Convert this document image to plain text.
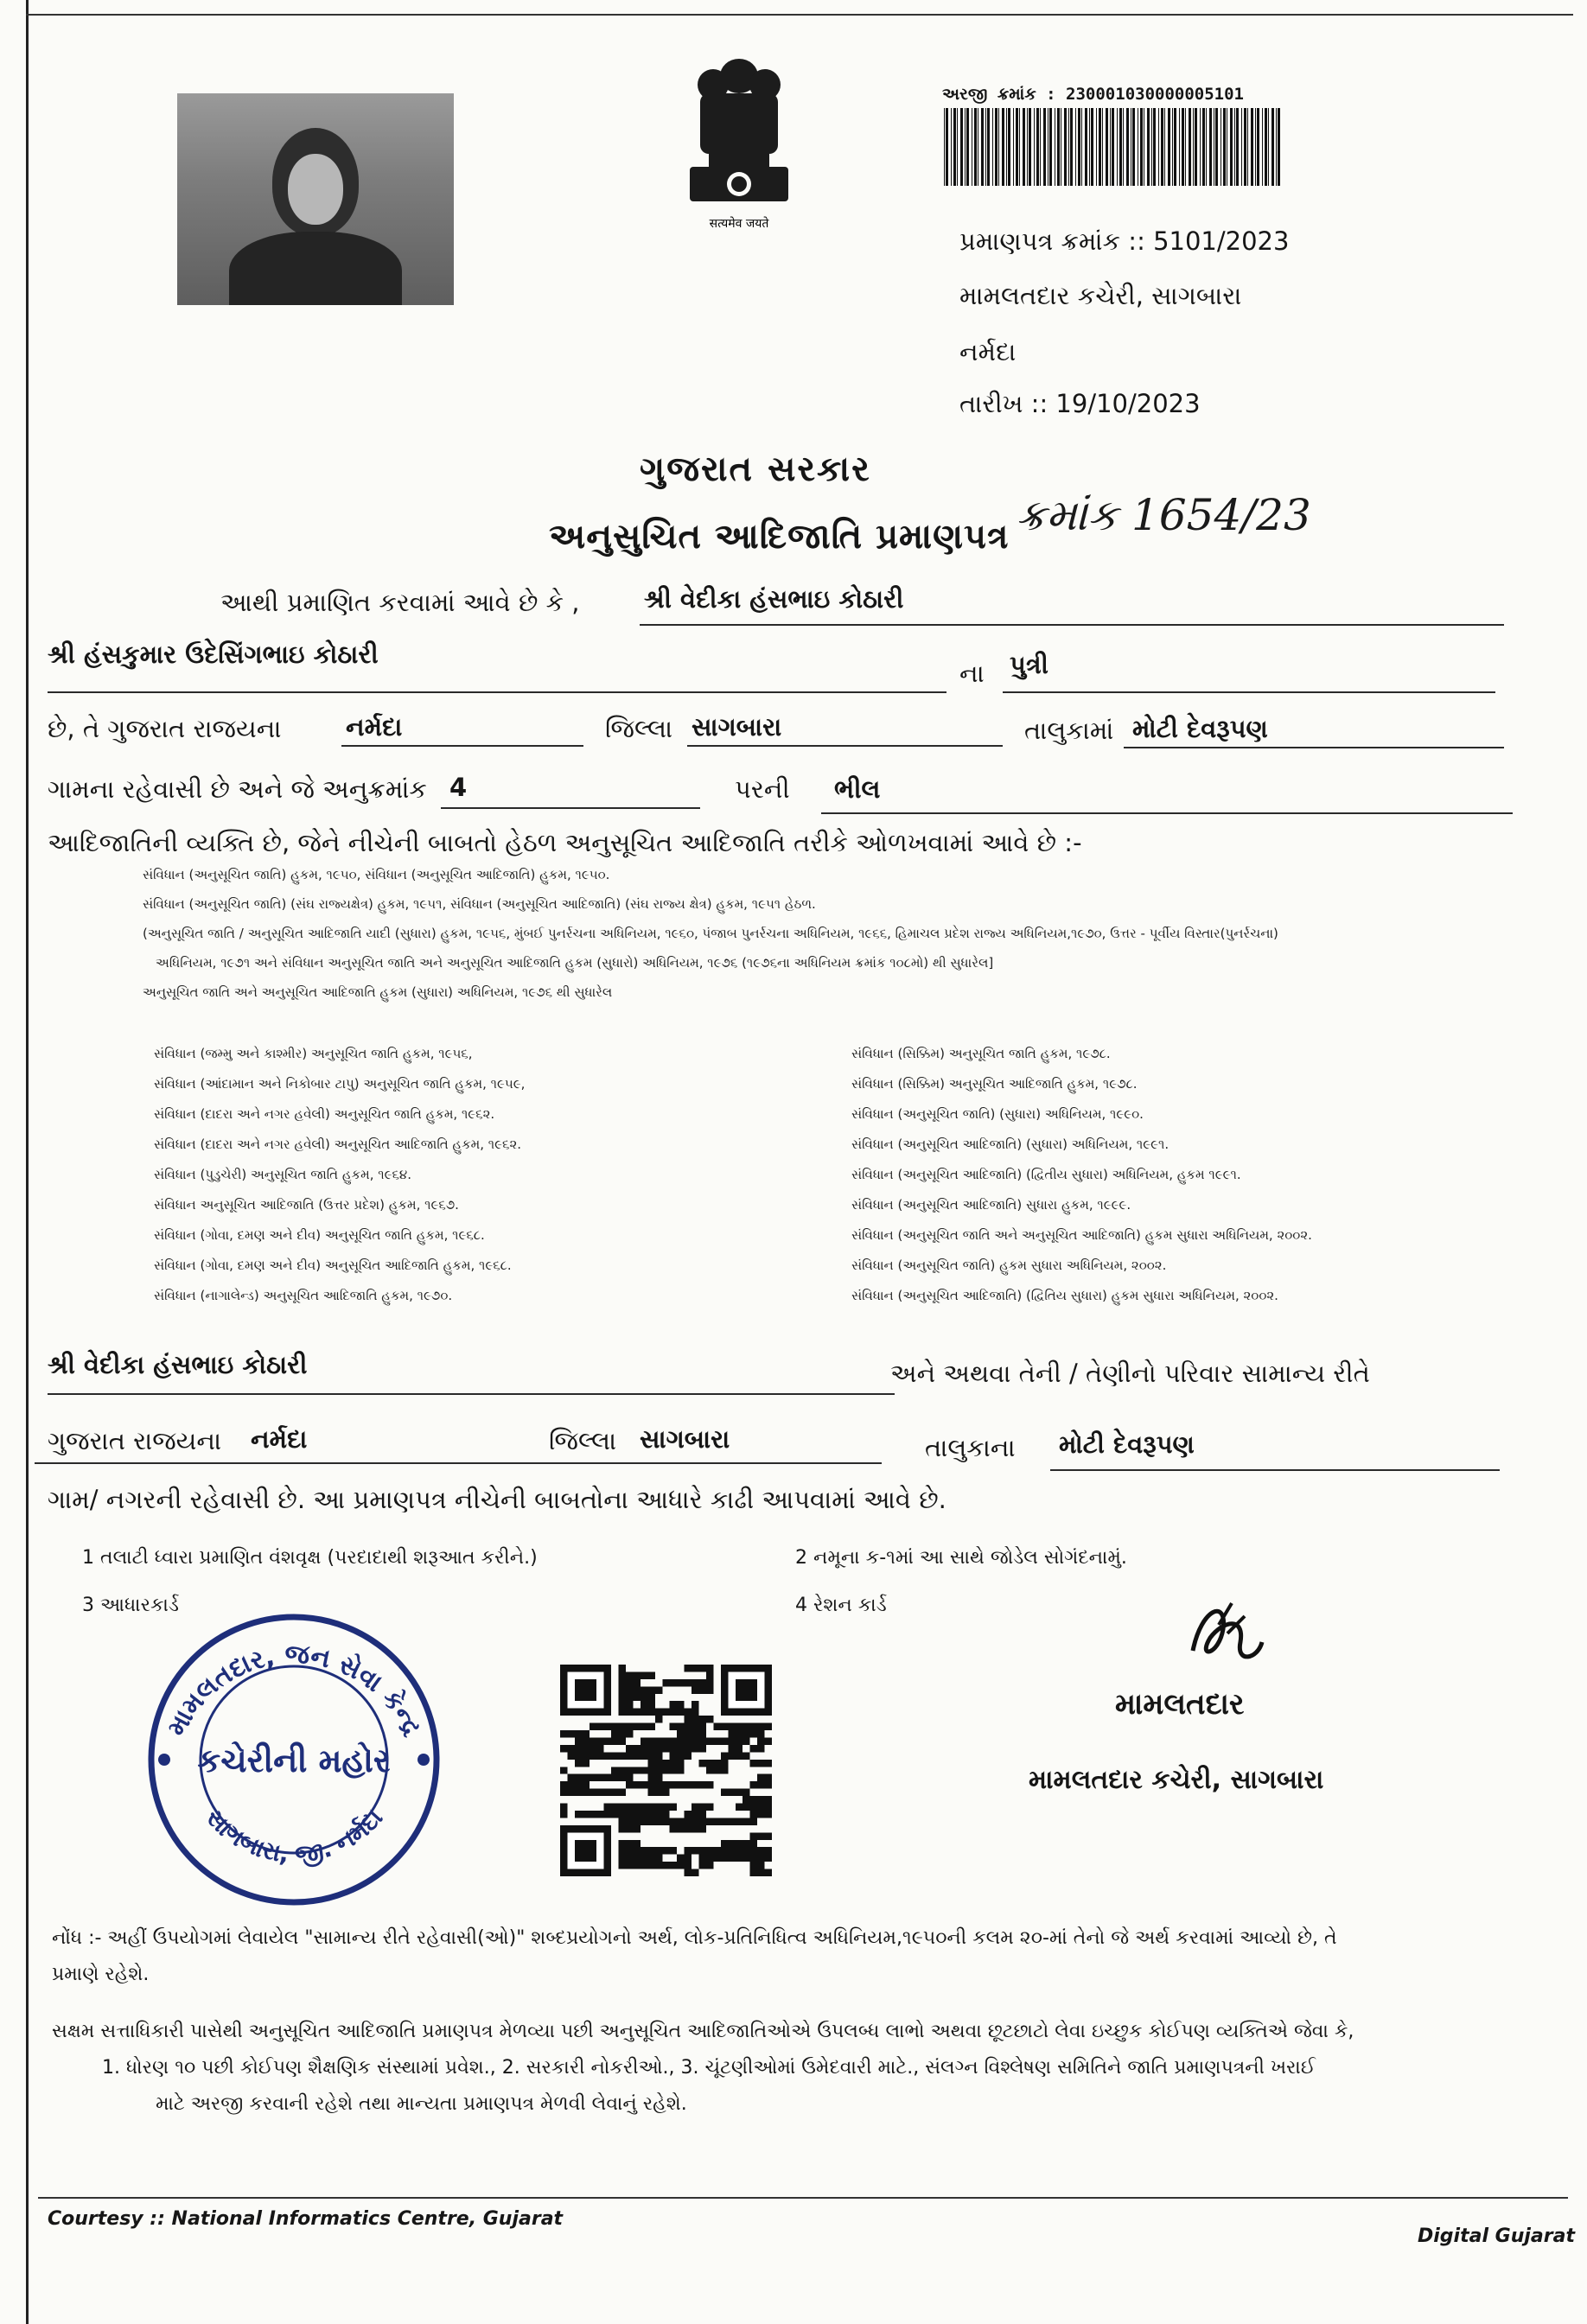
सत्यमेव जयते
અરજી ક્રમાંક : 230001030000005101
પ્રમાણપત્ર ક્રમાંક :: 5101/2023
મામલતદાર કચેરી, સાગબારા
નર્મદા
તારીખ :: 19/10/2023
ગુજરાત સરકાર
અનુસુચિત આદિજાતિ પ્રમાણપત્ર ક્રમાંક 1654/23
આથી પ્રમાણિત કરવામાં આવે છે કે ,	શ્રી વેદીકા હંસભાઇ કોઠારી
શ્રી હંસકુમાર ઉદેસિંગભાઇ કોઠારી
ના પુત્રી
છે, તે ગુજરાત રાજયના	નર્મદા	જિલ્લા સાગબારા	તાલુકામાં મોટી દેવરૂપણ
ગામના રહેવાસી છે અને જે અનુક્રમાંક 4	પરની ભીલ
આદિજાતિની વ્યક્તિ છે, જેને નીચેની બાબતો હેઠળ અનુસૂચિત આદિજાતિ તરીકે ઓળખવામાં આવે છે :-
સંવિધાન (અનુસૂચિત જાતિ) હુકમ, ૧૯૫૦, સંવિધાન (અનુસૂચિત આદિજાતિ) હુકમ, ૧૯૫૦.
સંવિધાન (અનુસૂચિત જાતિ) (સંઘ રાજ્યક્ષેત્ર) હુકમ, ૧૯૫૧, સંવિધાન (અનુસૂચિત આદિજાતિ) (સંઘ રાજ્ય ક્ષેત્ર) હુકમ, ૧૯૫૧ હેઠળ.
(અનુસૂચિત જાતિ / અનુસૂચિત આદિજાતિ યાદી (સુધારા) હુકમ, ૧૯૫૬, મુંબઈ પુનર્રચના અધિનિયમ, ૧૯૬૦, પંજાબ પુનર્રચના અધિનિયમ, ૧૯૬૬, હિમાચલ પ્રદેશ રાજ્ય અધિનિયમ,૧૯૭૦, ઉત્તર - પૂર્વીય વિસ્તાર(પુનર્રચના)
અધિનિયમ, ૧૯૭૧ અને સંવિધાન અનુસૂચિત જાતિ અને અનુસૂચિત આદિજાતિ હુકમ (સુધારો) અધિનિયમ, ૧૯૭૬ (૧૯૭૬ના અધિનિયમ ક્રમાંક ૧૦૮મો) થી સુધારેલ]
અનુસૂચિત જાતિ અને અનુસૂચિત આદિજાતિ હુકમ (સુધારા) અધિનિયમ, ૧૯૭૬ થી સુધારેલ
સંવિધાન (જમ્મુ અને કાશ્મીર) અનુસૂચિત જાતિ હુકમ, ૧૯૫૬,
સંવિધાન (આંદામાન અને નિકોબાર ટાપુ) અનુસૂચિત જાતિ હુકમ, ૧૯૫૯,
સંવિધાન (દાદરા અને નગર હવેલી) અનુસૂચિત જાતિ હુકમ, ૧૯૬૨.
સંવિધાન (દાદરા અને નગર હવેલી) અનુસૂચિત આદિજાતિ હુકમ, ૧૯૬૨.
સંવિધાન (પુડુચેરી) અનુસૂચિત જાતિ હુકમ, ૧૯૬૪.
સંવિધાન અનુસૂચિત આદિજાતિ (ઉત્તર પ્રદેશ) હુકમ, ૧૯૬૭.
સંવિધાન (ગોવા, દમણ અને દીવ) અનુસૂચિત જાતિ હુકમ, ૧૯૬૮.
સંવિધાન (ગોવા, દમણ અને દીવ) અનુસૂચિત આદિજાતિ હુકમ, ૧૯૬૮.
સંવિધાન (નાગાલેન્ડ) અનુસૂચિત આદિજાતિ હુકમ, ૧૯૭૦.
સંવિધાન (સિક્કિમ) અનુસૂચિત જાતિ હુકમ, ૧૯૭૮.
સંવિધાન (સિક્કિમ) અનુસૂચિત આદિજાતિ હુકમ, ૧૯૭૮.
સંવિધાન (અનુસૂચિત જાતિ) (સુધારા) અધિનિયમ, ૧૯૯૦.
સંવિધાન (અનુસૂચિત આદિજાતિ) (સુધારા) અધિનિયમ, ૧૯૯૧.
સંવિધાન (અનુસૂચિત આદિજાતિ) (દ્વિતીય સુધારા) અધિનિયમ, હુકમ ૧૯૯૧.
સંવિધાન (અનુસૂચિત આદિજાતિ) સુધારા હુકમ, ૧૯૯૯.
સંવિધાન (અનુસૂચિત જાતિ અને અનુસૂચિત આદિજાતિ) હુકમ સુધારા અધિનિયમ, ૨૦૦૨.
સંવિધાન (અનુસૂચિત જાતિ) હુકમ સુધારા અધિનિયમ, ૨૦૦૨.
સંવિધાન (અનુસૂચિત આદિજાતિ) (દ્વિતિય સુધારા) હુકમ સુધારા અધિનિયમ, ૨૦૦૨.
શ્રી વેદીકા હંસભાઇ કોઠારી	અને અથવા તેની / તેણીનો પરિવાર સામાન્ય રીતે
ગુજરાત રાજયના નર્મદા	જિલ્લા સાગબારા	તાલુકાના મોટી દેવરૂપણ
ગામ/ નગરની રહેવાસી છે. આ પ્રમાણપત્ર નીચેની બાબતોના આધારે કાઢી આપવામાં આવે છે.
1 તલાટી ધ્વારા પ્રમાણિત વંશવૃક્ષ (પરદાદાથી શરૂઆત કરીને.)	2 નમૂના ક-૧માં આ સાથે જોડેલ સોગંદનામું.
3 આધારકાર્ડ	4 રેશન કાર્ડ
મામલતદાર, જન સેવા કેન્દ્ર
કચેરીની મહોર
સાગબારા, જી. નર્મદા
મામલતદાર
મામલતદાર કચેરી, સાગબારા
નોંધ :- અહીં ઉપયોગમાં લેવાયેલ "સામાન્ય રીતે રહેવાસી(ઓ)" શબ્દપ્રયોગનો અર્થ, લોક-પ્રતિનિધિત્વ અધિનિયમ,૧૯૫૦ની કલમ ૨૦-માં તેનો જે અર્થ કરવામાં આવ્યો છે, તે
પ્રમાણે રહેશે.
સક્ષમ સત્તાધિકારી પાસેથી અનુસૂચિત આદિજાતિ પ્રમાણપત્ર મેળવ્યા પછી અનુસૂચિત આદિજાતિઓએ ઉપલબ્ધ લાભો અથવા છૂટછાટો લેવા ઇચ્છુક કોઈપણ વ્યક્તિએ જેવા કે,
1. ધોરણ ૧૦ પછી કોઈપણ શૈક્ષણિક સંસ્થામાં પ્રવેશ., 2. સરકારી નોકરીઓ., 3. ચૂંટણીઓમાં ઉમેદવારી માટે., સંલગ્ન વિશ્લેષણ સમિતિને જાતિ પ્રમાણપત્રની ખરાઈ
માટે અરજી કરવાની રહેશે તથા માન્યતા પ્રમાણપત્ર મેળવી લેવાનું રહેશે.
Courtesy :: National Informatics Centre, Gujarat
Digital Gujarat
